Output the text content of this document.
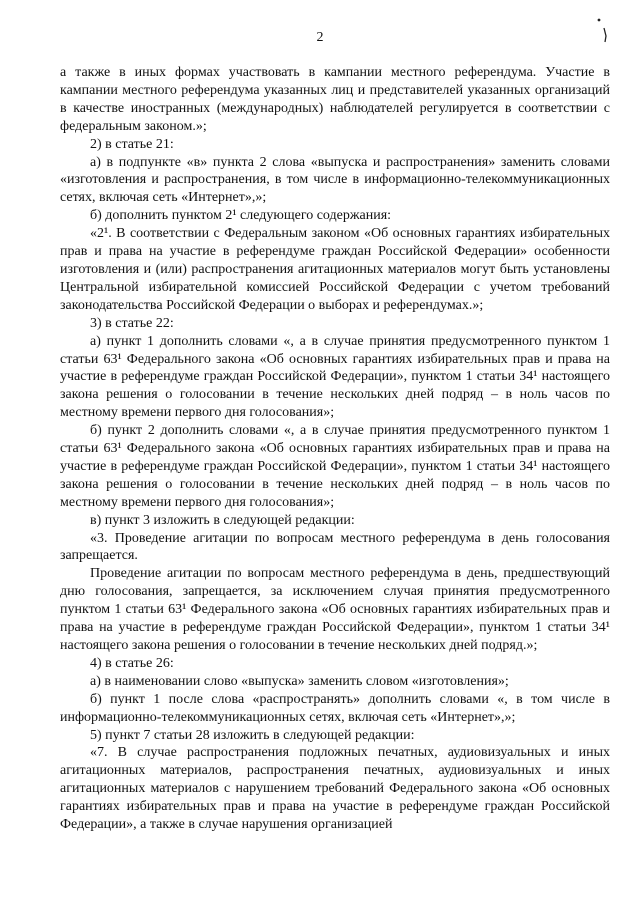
2

а также в иных формах участвовать в кампании местного референдума. Участие в кампании местного референдума указанных лиц и представителей указанных организаций в качестве иностранных (международных) наблюдателей регулируется в соответствии с федеральным законом.»;

2) в статье 21:

а) в подпункте «в» пункта 2 слова «выпуска и распространения» заменить словами «изготовления и распространения, в том числе в информационно-телекоммуникационных сетях, включая сеть «Интернет»,»;

б) дополнить пунктом 2¹ следующего содержания:

«2¹. В соответствии с Федеральным законом «Об основных гарантиях избирательных прав и права на участие в референдуме граждан Российской Федерации» особенности изготовления и (или) распространения агитационных материалов могут быть установлены Центральной избирательной комиссией Российской Федерации с учетом требований законодательства Российской Федерации о выборах и референдумах.»;

3) в статье 22:

а) пункт 1 дополнить словами «, а в случае принятия предусмотренного пунктом 1 статьи 63¹ Федерального закона «Об основных гарантиях избирательных прав и права на участие в референдуме граждан Российской Федерации», пунктом 1 статьи 34¹ настоящего закона решения о голосовании в течение нескольких дней подряд – в ноль часов по местному времени первого дня голосования»;

б) пункт 2 дополнить словами «, а в случае принятия предусмотренного пунктом 1 статьи 63¹ Федерального закона «Об основных гарантиях избирательных прав и права на участие в референдуме граждан Российской Федерации», пунктом 1 статьи 34¹ настоящего закона решения о голосовании в течение нескольких дней подряд – в ноль часов по местному времени первого дня голосования»;

в) пункт 3 изложить в следующей редакции:

«3. Проведение агитации по вопросам местного референдума в день голосования запрещается.

Проведение агитации по вопросам местного референдума в день, предшествующий дню голосования, запрещается, за исключением случая принятия предусмотренного пунктом 1 статьи 63¹ Федерального закона «Об основных гарантиях избирательных прав и права на участие в референдуме граждан Российской Федерации», пунктом 1 статьи 34¹ настоящего закона решения о голосовании в течение нескольких дней подряд.»;

4) в статье 26:

а) в наименовании слово «выпуска» заменить словом «изготовления»;

б) пункт 1 после слова «распространять» дополнить словами «, в том числе в информационно-телекоммуникационных сетях, включая сеть «Интернет»,»;

5) пункт 7 статьи 28 изложить в следующей редакции:

«7. В случае распространения подложных печатных, аудиовизуальных и иных агитационных материалов, распространения печатных, аудиовизуальных и иных агитационных материалов с нарушением требований Федерального закона «Об основных гарантиях избирательных прав и права на участие в референдуме граждан Российской Федерации», а также в случае нарушения организацией
